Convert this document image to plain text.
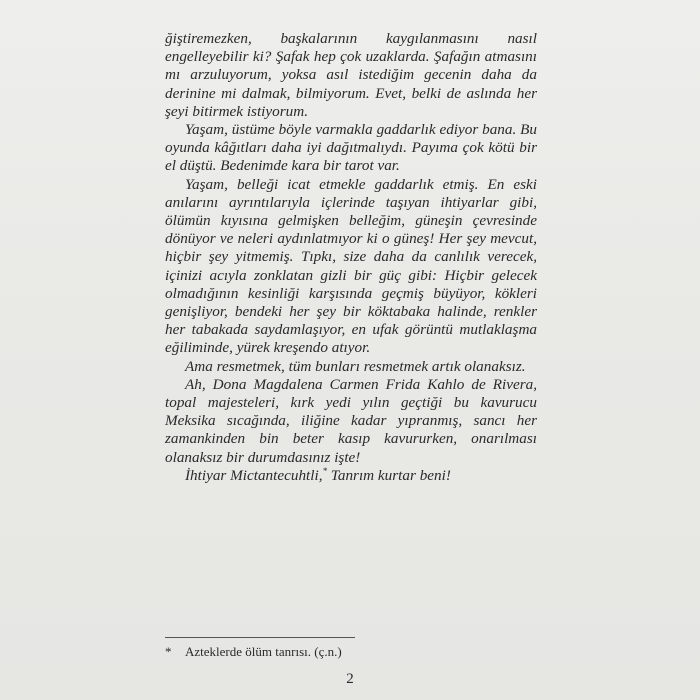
ğiştiremezken, başkalarının kaygılanmasını nasıl engelleyebilir ki? Şafak hep çok uzaklarda. Şafağın atmasını mı arzuluyorum, yoksa asıl istediğim gecenin daha da derinine mi dalmak, bilmiyorum. Evet, belki de aslında her şeyi bitirmek istiyorum.

Yaşam, üstüme böyle varmakla gaddarlık ediyor bana. Bu oyunda kâğıtları daha iyi dağıtmalıydı. Payıma çok kötü bir el düştü. Bedenimde kara bir tarot var.

Yaşam, belleği icat etmekle gaddarlık etmiş. En eski anılarını ayrıntılarıyla içlerinde taşıyan ihtiyarlar gibi, ölümün kıyısına gelmişken belleğim, güneşin çevresinde dönüyor ve neleri aydınlatmıyor ki o güneş! Her şey mevcut, hiçbir şey yitmemiş. Tıpkı, size daha da canlılık verecek, içinizi acıyla zonklatan gizli bir güç gibi: Hiçbir gelecek olmadığının kesinliği karşısında geçmiş büyüyor, kökleri genişliyor, bendeki her şey bir köktabaka halinde, renkler her tabakada saydamlaşıyor, en ufak görüntü mutlaklaşma eğiliminde, yürek kreşendo atıyor.

Ama resmetmek, tüm bunları resmetmek artık olanaksız.

Ah, Dona Magdalena Carmen Frida Kahlo de Rivera, topal majesteleri, kırk yedi yılın geçtiği bu kavurucu Meksika sıcağında, iliğine kadar yıpranmış, sancı her zamankinden bin beter kasıp kavururken, onarılması olanaksız bir durumdasınız işte!

İhtiyar Mictantecuhtli,* Tanrım kurtar beni!

* Azteklerde ölüm tanrısı. (ç.n.)
2
